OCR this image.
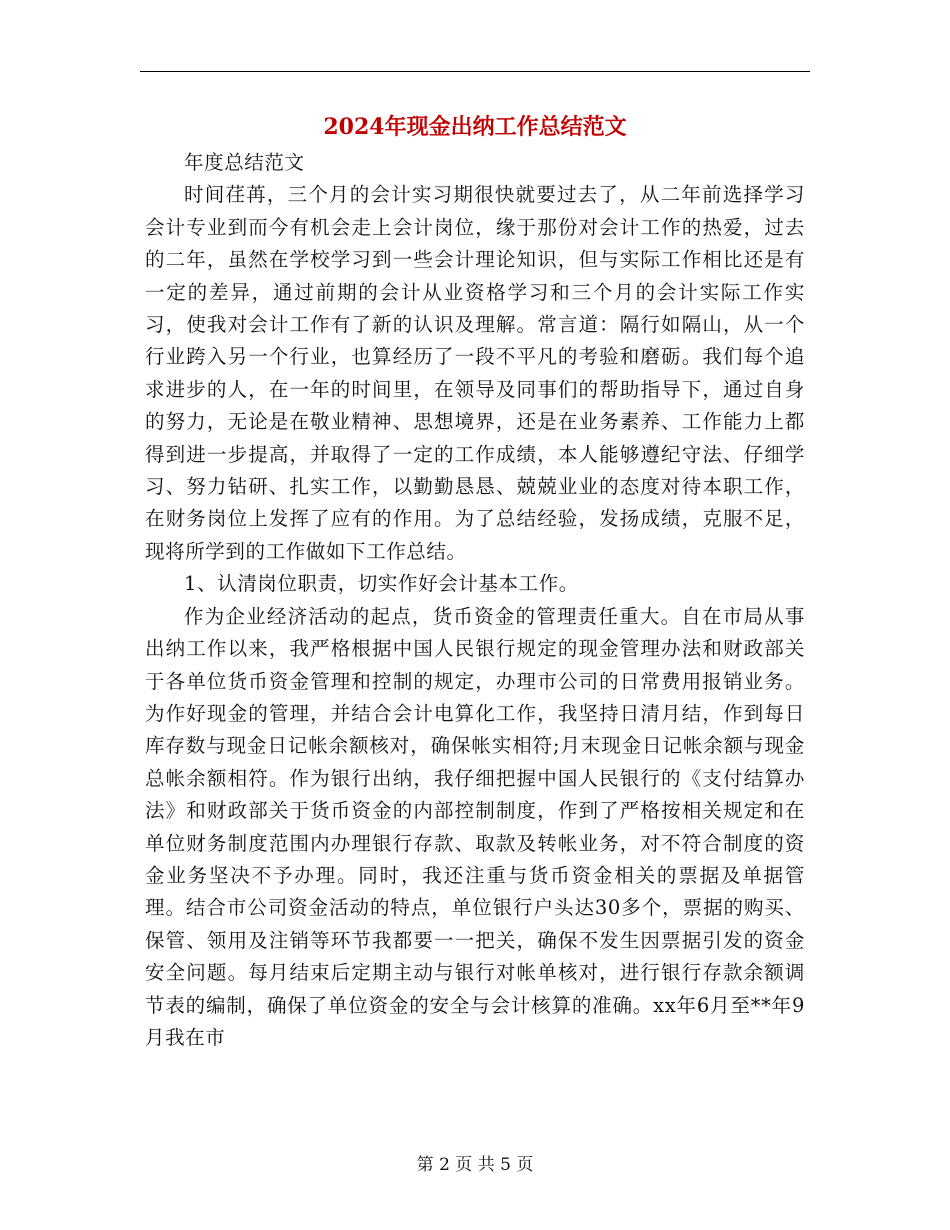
2024年现金出纳工作总结范文

年度总结范文

时间荏苒，三个月的会计实习期很快就要过去了，从二年前选择学习会计专业到而今有机会走上会计岗位，缘于那份对会计工作的热爱，过去的二年，虽然在学校学习到一些会计理论知识，但与实际工作相比还是有一定的差异，通过前期的会计从业资格学习和三个月的会计实际工作实习，使我对会计工作有了新的认识及理解。常言道：隔行如隔山，从一个行业跨入另一个行业，也算经历了一段不平凡的考验和磨砺。我们每个追求进步的人，在一年的时间里，在领导及同事们的帮助指导下，通过自身的努力，无论是在敬业精神、思想境界，还是在业务素养、工作能力上都得到进一步提高，并取得了一定的工作成绩，本人能够遵纪守法、仔细学习、努力钻研、扎实工作，以勤勤恳恳、兢兢业业的态度对待本职工作，在财务岗位上发挥了应有的作用。为了总结经验，发扬成绩，克服不足，现将所学到的工作做如下工作总结。

1、认清岗位职责，切实作好会计基本工作。

作为企业经济活动的起点，货币资金的管理责任重大。自在市局从事出纳工作以来，我严格根据中国人民银行规定的现金管理办法和财政部关于各单位货币资金管理和控制的规定，办理市公司的日常费用报销业务。为作好现金的管理，并结合会计电算化工作，我坚持日清月结，作到每日库存数与现金日记帐余额核对，确保帐实相符;月末现金日记帐余额与现金总帐余额相符。作为银行出纳，我仔细把握中国人民银行的《支付结算办法》和财政部关于货币资金的内部控制制度，作到了严格按相关规定和在单位财务制度范围内办理银行存款、取款及转帐业务，对不符合制度的资金业务坚决不予办理。同时，我还注重与货币资金相关的票据及单据管理。结合市公司资金活动的特点，单位银行户头达30多个，票据的购买、保管、领用及注销等环节我都要一一把关，确保不发生因票据引发的资金安全问题。每月结束后定期主动与银行对帐单核对，进行银行存款余额调节表的编制，确保了单位资金的安全与会计核算的准确。xx年6月至**年9月我在市

第 2 页 共 5 页
